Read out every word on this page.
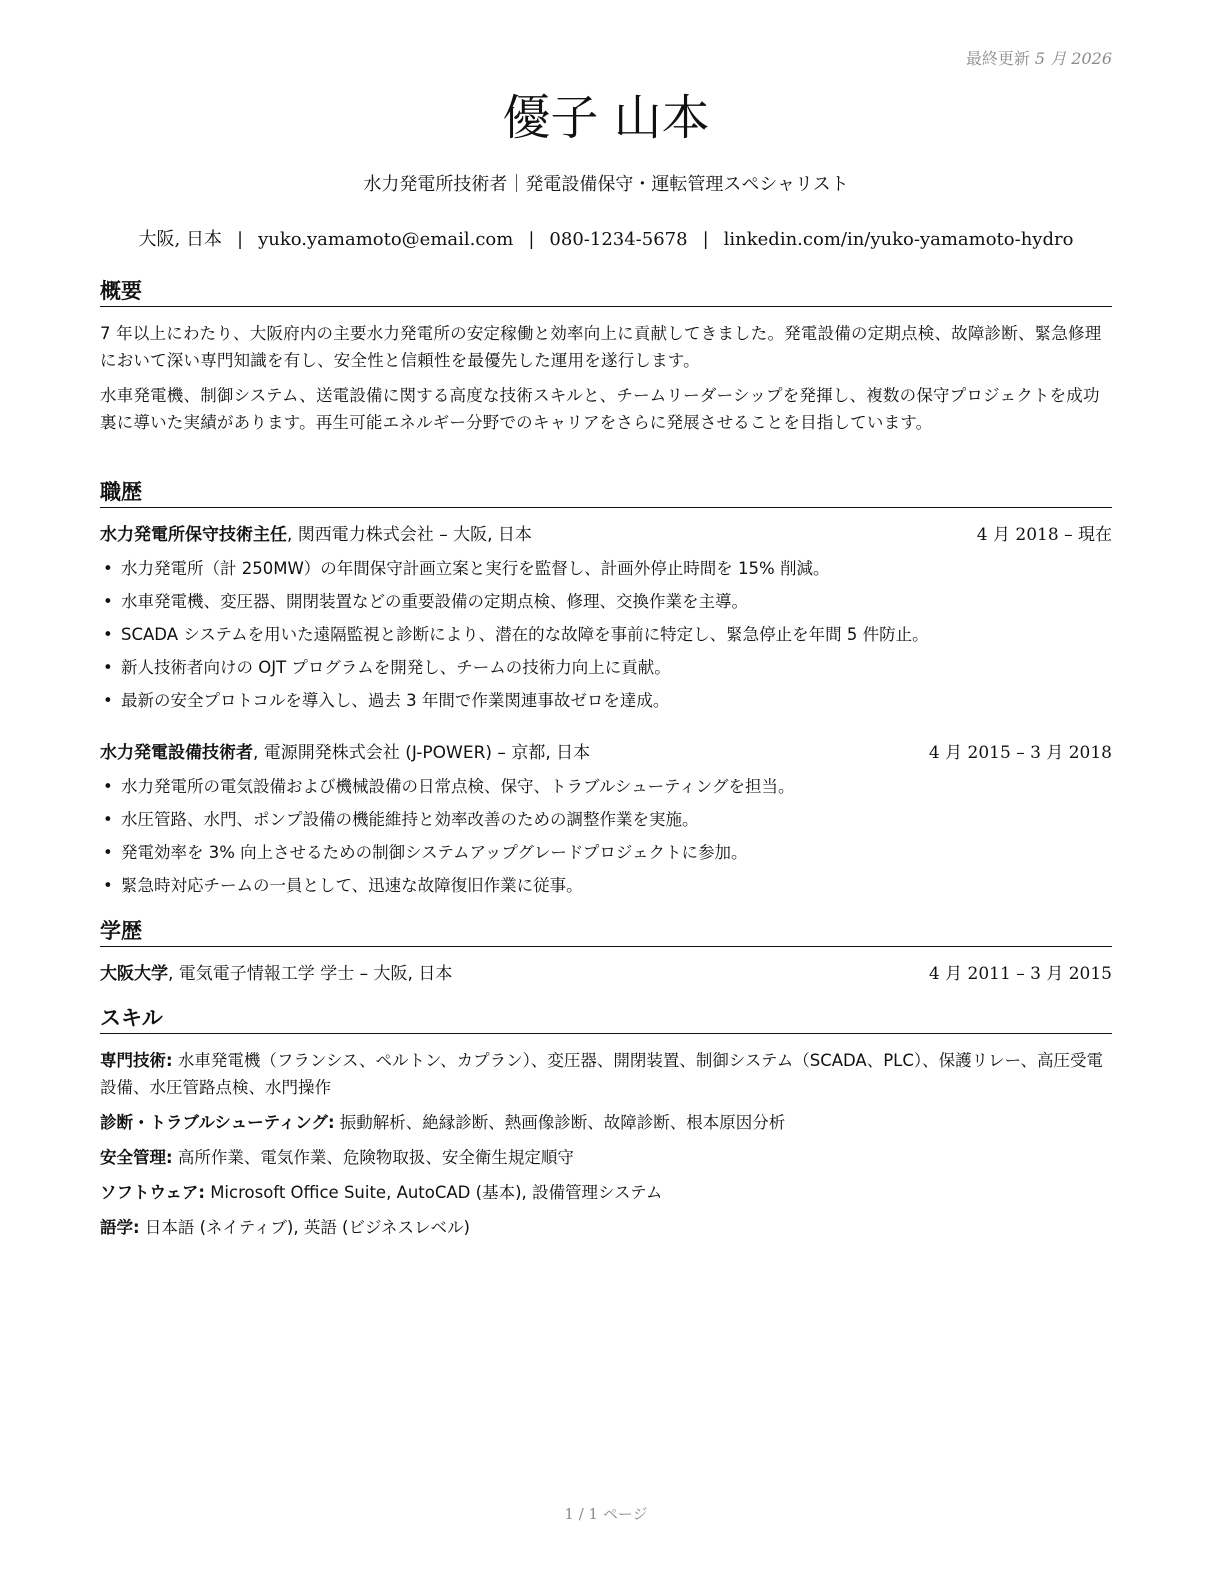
最終更新 5 月 2026
優子 山本
水力発電所技術者｜発電設備保守・運転管理スペシャリスト
大阪, 日本 | yuko.yamamoto@email.com | 080-1234-5678 | linkedin.com/in/yuko-yamamoto-hydro
概要

7 年以上にわたり、大阪府内の主要水力発電所の安定稼働と効率向上に貢献してきました。発電設備の定期点検、故障診断、緊急修理において深い専門知識を有し、安全性と信頼性を最優先した運用を遂行します。

水車発電機、制御システム、送電設備に関する高度な技術スキルと、チームリーダーシップを発揮し、複数の保守プロジェクトを成功裏に導いた実績があります。再生可能エネルギー分野でのキャリアをさらに発展させることを目指しています。

職歴
水力発電所保守技術主任, 関西電力株式会社 – 大阪, 日本	4 月 2018 – 現在
• 水力発電所（計 250MW）の年間保守計画立案と実行を監督し、計画外停止時間を 15% 削減。
• 水車発電機、変圧器、開閉装置などの重要設備の定期点検、修理、交換作業を主導。
• SCADA システムを用いた遠隔監視と診断により、潜在的な故障を事前に特定し、緊急停止を年間 5 件防止。
• 新人技術者向けの OJT プログラムを開発し、チームの技術力向上に貢献。
• 最新の安全プロトコルを導入し、過去 3 年間で作業関連事故ゼロを達成。
水力発電設備技術者, 電源開発株式会社 (J-POWER) – 京都, 日本	4 月 2015 – 3 月 2018
• 水力発電所の電気設備および機械設備の日常点検、保守、トラブルシューティングを担当。
• 水圧管路、水門、ポンプ設備の機能維持と効率改善のための調整作業を実施。
• 発電効率を 3% 向上させるための制御システムアップグレードプロジェクトに参加。
• 緊急時対応チームの一員として、迅速な故障復旧作業に従事。
学歴
大阪大学, 電気電子情報工学 学士 – 大阪, 日本	4 月 2011 – 3 月 2015
スキル
専門技術: 水車発電機（フランシス、ペルトン、カプラン）、変圧器、開閉装置、制御システム（SCADA、PLC）、保護リレー、高圧受電設備、水圧管路点検、水門操作
診断・トラブルシューティング: 振動解析、絶縁診断、熱画像診断、故障診断、根本原因分析
安全管理: 高所作業、電気作業、危険物取扱、安全衛生規定順守
ソフトウェア: Microsoft Office Suite, AutoCAD (基本), 設備管理システム
語学: 日本語 (ネイティブ), 英語 (ビジネスレベル)
1 / 1 ページ
